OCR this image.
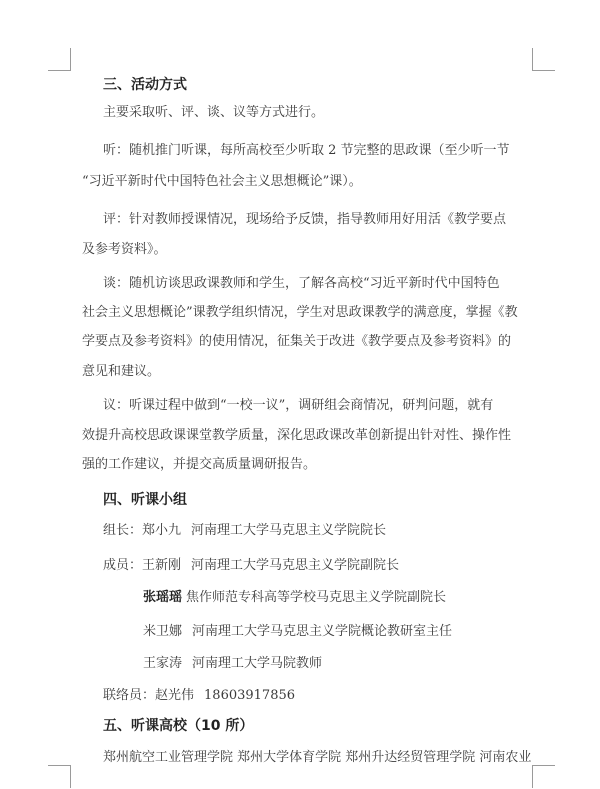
三、活动方式
主要采取听、评、谈、议等方式进行。
听：随机推门听课，每所高校至少听取 2 节完整的思政课（至少听一节
“习近平新时代中国特色社会主义思想概论”课）。
评：针对教师授课情况，现场给予反馈，指导教师用好用活《教学要点
及参考资料》。
谈：随机访谈思政课教师和学生，了解各高校“习近平新时代中国特色
社会主义思想概论”课教学组织情况，学生对思政课教学的满意度，掌握《教
学要点及参考资料》的使用情况，征集关于改进《教学要点及参考资料》的
意见和建议。
议：听课过程中做到“一校一议”，调研组会商情况，研判问题，就有
效提升高校思政课课堂教学质量，深化思政课改革创新提出针对性、操作性
强的工作建议，并提交高质量调研报告。
四、听课小组
组长：郑小九 河南理工大学马克思主义学院院长
成员：王新刚 河南理工大学马克思主义学院副院长
张瑶瑶 焦作师范专科高等学校马克思主义学院副院长
米卫娜 河南理工大学马克思主义学院概论教研室主任
王家涛 河南理工大学马院教师
联络员：赵光伟 18603917856
五、听课高校（10 所）
郑州航空工业管理学院 郑州大学体育学院 郑州升达经贸管理学院 河南农业
